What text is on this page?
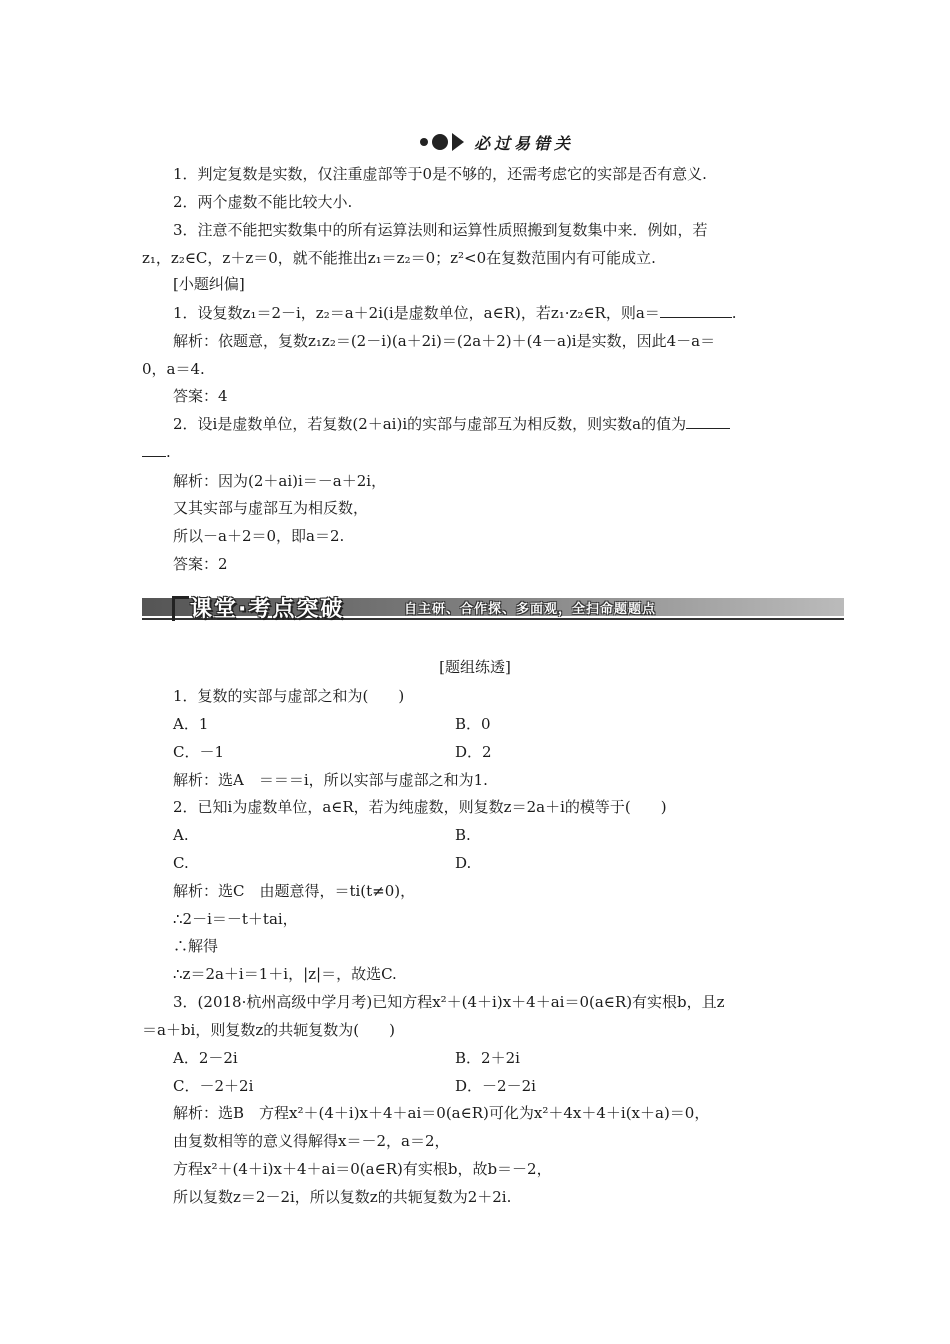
必过易错关
1．判定复数是实数，仅注重虚部等于0是不够的，还需考虑它的实部是否有意义.
2．两个虚数不能比较大小.
3．注意不能把实数集中的所有运算法则和运算性质照搬到复数集中来．例如，若
z₁，z₂∈C，z＋z＝0，就不能推出z₁＝z₂＝0；z²<0在复数范围内有可能成立.
[小题纠偏]
1．设复数z₁＝2－i，z₂＝a＋2i(i是虚数单位，a∈R)，若z₁·z₂∈R，则a＝	.
解析：依题意，复数z₁z₂＝(2－i)(a＋2i)＝(2a＋2)＋(4－a)i是实数，因此4－a＝
0，a＝4.
答案：4
2．设i是虚数单位，若复数(2＋ai)i的实部与虚部互为相反数，则实数a的值为
.
解析：因为(2＋ai)i＝－a＋2i，
又其实部与虚部互为相反数，
所以－a＋2＝0，即a＝2.
答案：2
课堂·考点突破	自主研、合作探、多面观，全扫命题题点
[题组练透]
1．复数的实部与虚部之和为(　　)
A．1	B．0
C．－1	D．2
解析：选A　＝＝＝i，所以实部与虚部之和为1.
2．已知i为虚数单位，a∈R，若为纯虚数，则复数z＝2a＋i的模等于(　　)
A.	B.
C.	D.
解析：选C　由题意得，＝ti(t≠0)，
∴2－i＝－t＋tai，
∴解得
∴z＝2a＋i＝1＋i，|z|＝，故选C.
3．(2018·杭州高级中学月考)已知方程x²＋(4＋i)x＋4＋ai＝0(a∈R)有实根b，且z
＝a＋bi，则复数z的共轭复数为(　　)
A．2－2i	B．2＋2i
C．－2＋2i	D．－2－2i
解析：选B　方程x²＋(4＋i)x＋4＋ai＝0(a∈R)可化为x²＋4x＋4＋i(x＋a)＝0，
由复数相等的意义得解得x＝－2，a＝2，
方程x²＋(4＋i)x＋4＋ai＝0(a∈R)有实根b，故b＝－2，
所以复数z＝2－2i，所以复数z的共轭复数为2＋2i.
